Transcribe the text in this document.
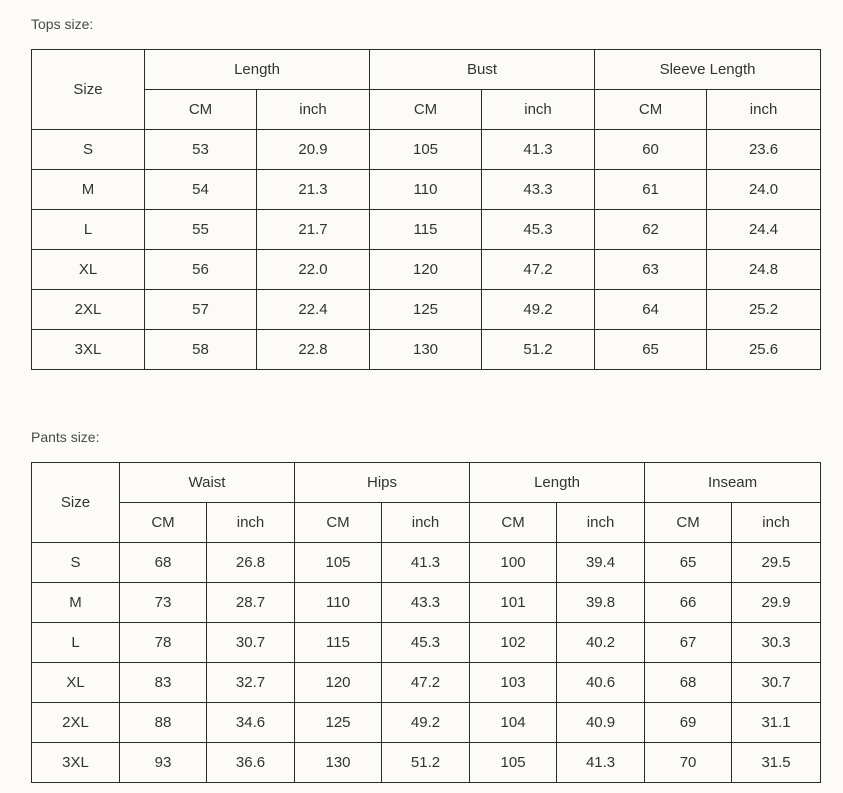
Tops size:
Size	Length		Bust		Sleeve Length	
	CM	inch	CM	inch	CM	inch
S	53	20.9	105	41.3	60	23.6
M	54	21.3	110	43.3	61	24.0
L	55	21.7	115	45.3	62	24.4
XL	56	22.0	120	47.2	63	24.8
2XL	57	22.4	125	49.2	64	25.2
3XL	58	22.8	130	51.2	65	25.6
Pants size:
Size	Waist		Hips		Length		Inseam	
	CM	inch	CM	inch	CM	inch	CM	inch
S	68	26.8	105	41.3	100	39.4	65	29.5
M	73	28.7	110	43.3	101	39.8	66	29.9
L	78	30.7	115	45.3	102	40.2	67	30.3
XL	83	32.7	120	47.2	103	40.6	68	30.7
2XL	88	34.6	125	49.2	104	40.9	69	31.1
3XL	93	36.6	130	51.2	105	41.3	70	31.5
